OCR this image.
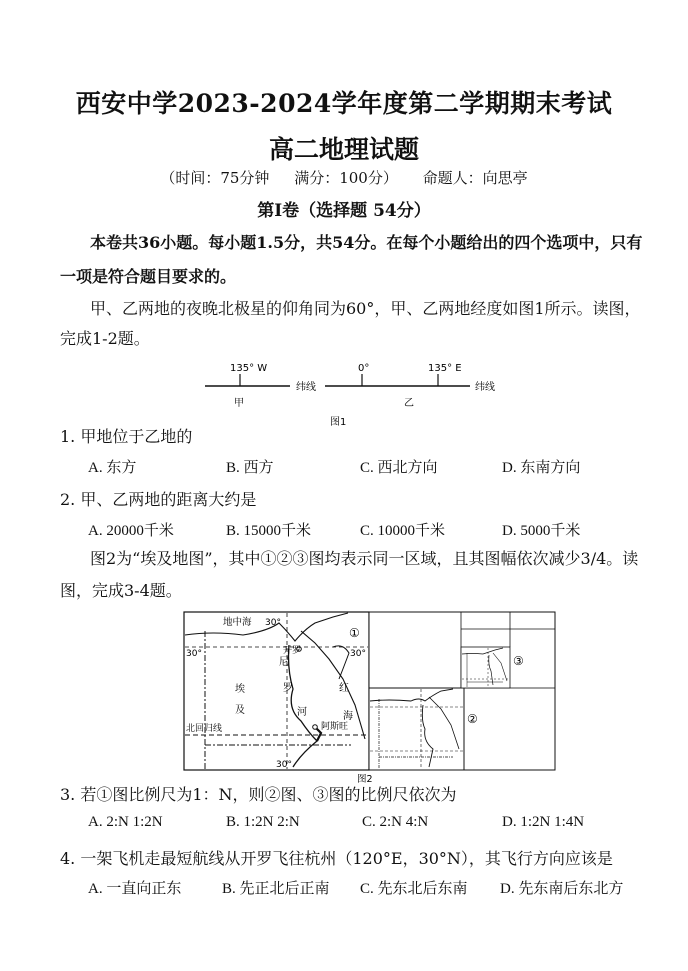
西安中学2023-2024学年度第二学期期末考试
高二地理试题
（时间：75分钟 满分：100分） 命题人：向思亭
第Ⅰ卷（选择题 54分）
本卷共36小题。每小题1.5分，共54分。在每个小题给出的四个选项中，只有
一项是符合题目要求的。
甲、乙两地的夜晚北极星的仰角同为60°，甲、乙两地经度如图1所示。读图，
完成1-2题。
135° W	0°	135° E
纬线	纬线
甲	乙
图1
1. 甲地位于乙地的
A. 东方	B. 西方	C. 西北方向	D. 东南方向
2. 甲、乙两地的距离大约是
A. 20000千米	B. 15000千米	C. 10000千米	D. 5000千米
图2为“埃及地图”，其中①②③图均表示同一区域，且其图幅依次减少3/4。读
图，完成3-4题。
地中海 30°
30°	30°
30°
开罗
埃
及
尼
罗
河
红
海
阿斯旺
北回归线
①
②
③
图2
3. 若①图比例尺为1：N，则②图、③图的比例尺依次为
A. 2:N 1:2N	B. 1:2N 2:N	C. 2:N 4:N	D. 1:2N 1:4N
4. 一架飞机走最短航线从开罗飞往杭州（120°E，30°N），其飞行方向应该是
A. 一直向正东	B. 先正北后正南 C. 先东北后东南 D. 先东南后东北方
